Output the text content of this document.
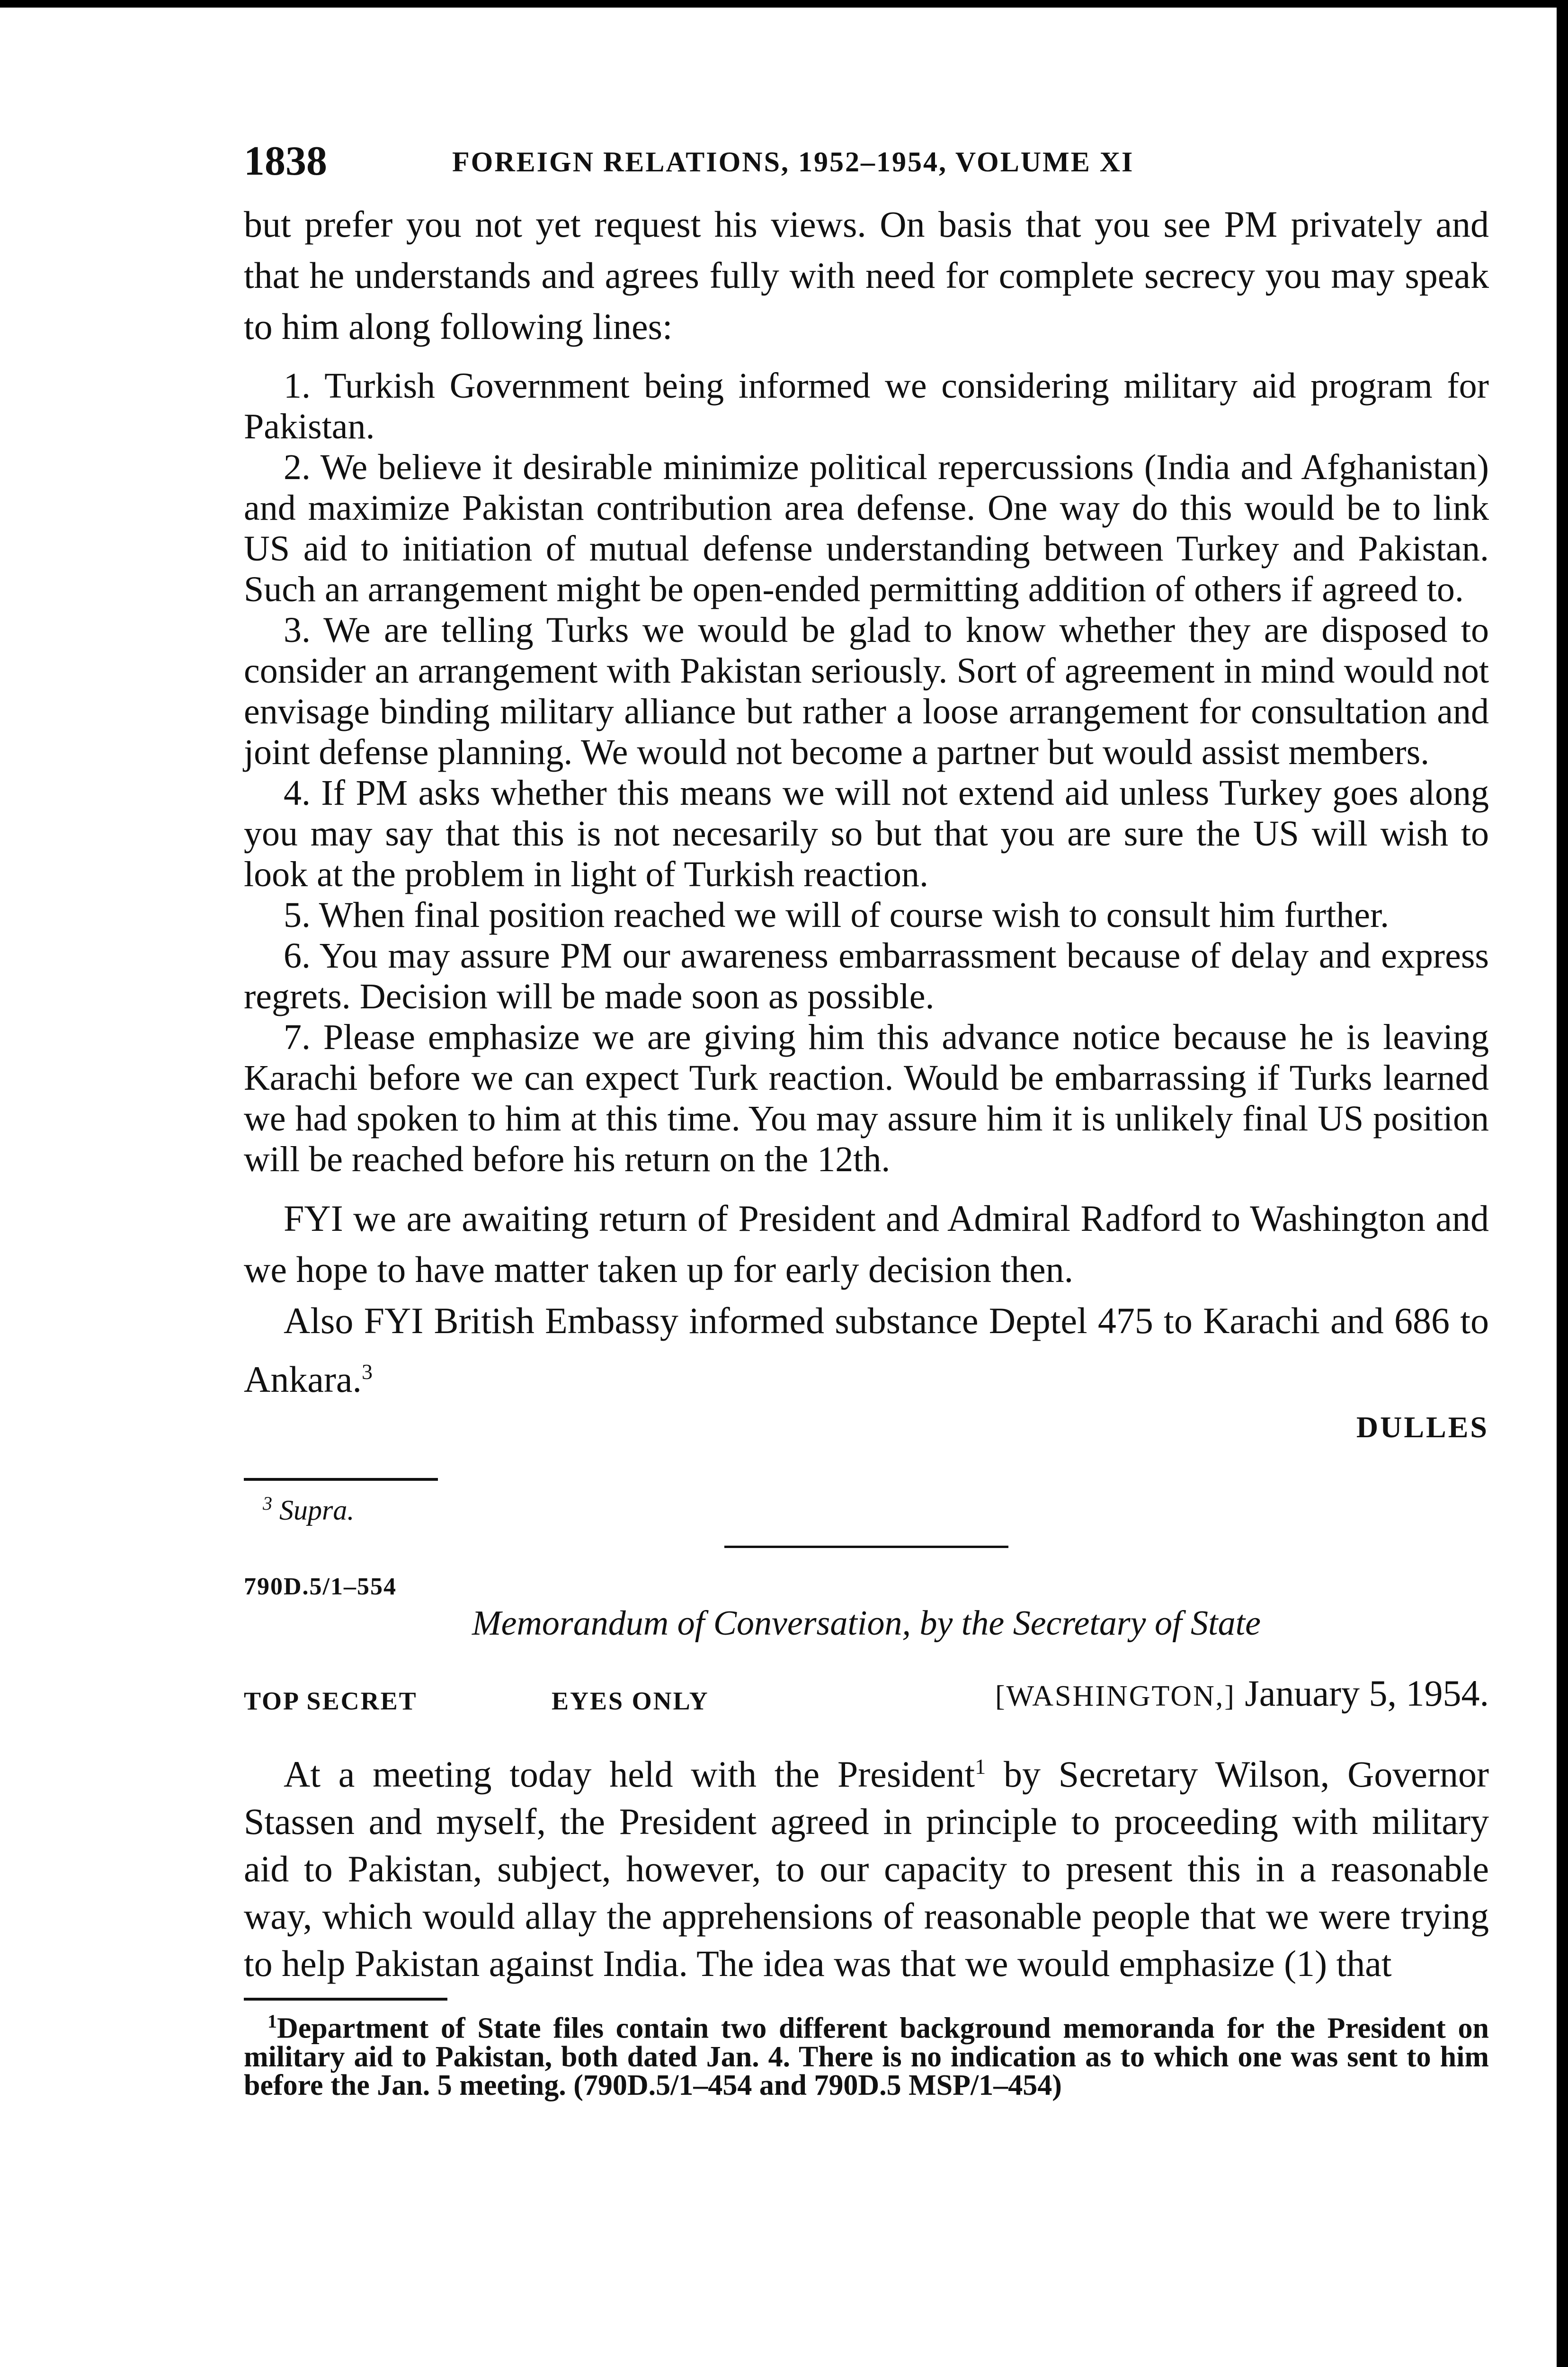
1838	FOREIGN RELATIONS, 1952–1954, VOLUME XI

but prefer you not yet request his views. On basis that you see PM privately and that he understands and agrees fully with need for complete secrecy you may speak to him along following lines:

1. Turkish Government being informed we considering military aid program for Pakistan.

2. We believe it desirable minimize political repercussions (India and Afghanistan) and maximize Pakistan contribution area defense. One way do this would be to link US aid to initiation of mutual defense understanding between Turkey and Pakistan. Such an arrangement might be open-ended permitting addition of others if agreed to.

3. We are telling Turks we would be glad to know whether they are disposed to consider an arrangement with Pakistan seriously. Sort of agreement in mind would not envisage binding military alliance but rather a loose arrangement for consultation and joint defense planning. We would not become a partner but would assist members.

4. If PM asks whether this means we will not extend aid unless Turkey goes along you may say that this is not necesarily so but that you are sure the US will wish to look at the problem in light of Turkish reaction.

5. When final position reached we will of course wish to consult him further.

6. You may assure PM our awareness embarrassment because of delay and express regrets. Decision will be made soon as possible.

7. Please emphasize we are giving him this advance notice because he is leaving Karachi before we can expect Turk reaction. Would be embarrassing if Turks learned we had spoken to him at this time. You may assure him it is unlikely final US position will be reached before his return on the 12th.

FYI we are awaiting return of President and Admiral Radford to Washington and we hope to have matter taken up for early decision then.

Also FYI British Embassy informed substance Deptel 475 to Karachi and 686 to Ankara.$^3$

DULLES

$^3$ Supra.

790D.5/1–554
Memorandum of Conversation, by the Secretary of State
TOP SECRET	EYES ONLY	[WASHINGTON,] January 5, 1954.

At a meeting today held with the President$^1$ by Secretary Wilson, Governor Stassen and myself, the President agreed in principle to proceeding with military aid to Pakistan, subject, however, to our capacity to present this in a reasonable way, which would allay the apprehensions of reasonable people that we were trying to help Pakistan against India. The idea was that we would emphasize (1) that

$^1$Department of State files contain two different background memoranda for the President on military aid to Pakistan, both dated Jan. 4. There is no indication as to which one was sent to him before the Jan. 5 meeting. (790D.5/1–454 and 790D.5 MSP/1–454)
